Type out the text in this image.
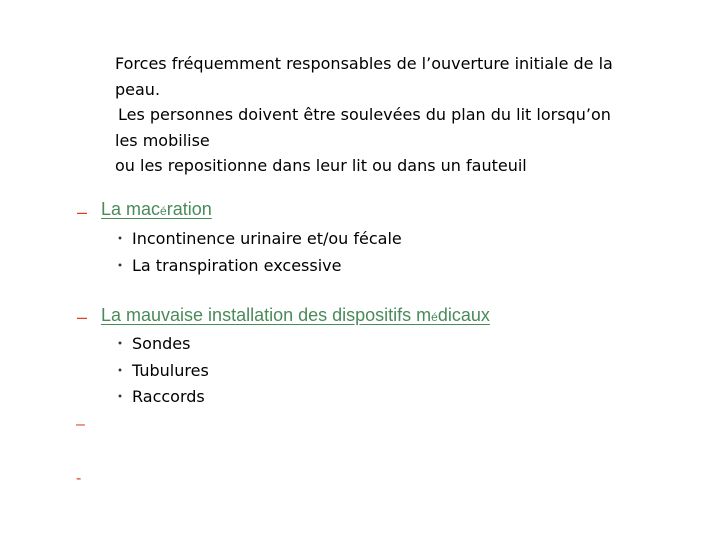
Forces fréquemment responsables de l’ouverture initiale de la

peau.

Les personnes doivent être soulevées du plan du lit lorsqu’on

les mobilise

ou les repositionne dans leur lit ou dans un fauteuil

– La macération
・ Incontinence urinaire et/ou fécale
・ La transpiration excessive
– La mauvaise installation des dispositifs médicaux
・ Sondes
・ Tubulures
・ Raccords
–
-
